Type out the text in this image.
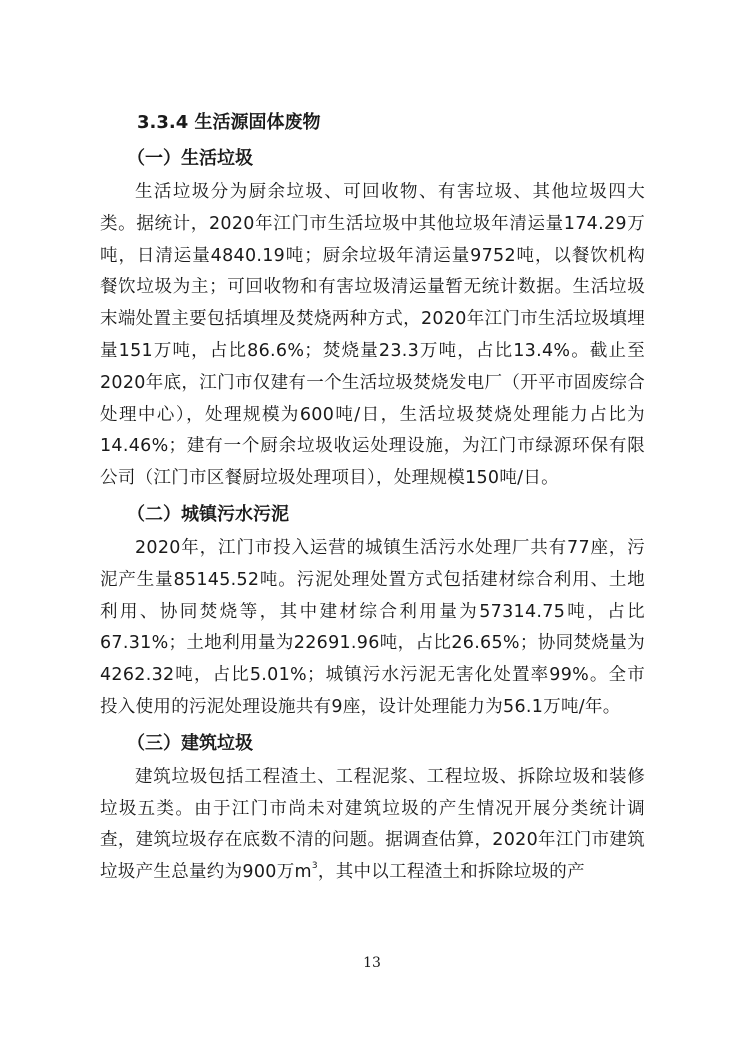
3.3.4 生活源固体废物
（一）生活垃圾

生活垃圾分为厨余垃圾、可回收物、有害垃圾、其他垃圾四大类。据统计，2020年江门市生活垃圾中其他垃圾年清运量174.29万吨，日清运量4840.19吨；厨余垃圾年清运量9752吨，以餐饮机构餐饮垃圾为主；可回收物和有害垃圾清运量暂无统计数据。生活垃圾末端处置主要包括填埋及焚烧两种方式，2020年江门市生活垃圾填埋量151万吨，占比86.6%；焚烧量23.3万吨，占比13.4%。截止至2020年底，江门市仅建有一个生活垃圾焚烧发电厂（开平市固废综合处理中心），处理规模为600吨/日，生活垃圾焚烧处理能力占比为14.46%；建有一个厨余垃圾收运处理设施，为江门市绿源环保有限公司（江门市区餐厨垃圾处理项目），处理规模150吨/日。

（二）城镇污水污泥

2020年，江门市投入运营的城镇生活污水处理厂共有77座，污泥产生量85145.52吨。污泥处理处置方式包括建材综合利用、土地利用、协同焚烧等，其中建材综合利用量为57314.75吨，占比67.31%；土地利用量为22691.96吨，占比26.65%；协同焚烧量为4262.32吨，占比5.01%；城镇污水污泥无害化处置率99%。全市投入使用的污泥处理设施共有9座，设计处理能力为56.1万吨/年。

（三）建筑垃圾

建筑垃圾包括工程渣土、工程泥浆、工程垃圾、拆除垃圾和装修垃圾五类。由于江门市尚未对建筑垃圾的产生情况开展分类统计调查，建筑垃圾存在底数不清的问题。据调查估算，2020年江门市建筑垃圾产生总量约为900万$m^3$，其中以工程渣土和拆除垃圾的产

13
